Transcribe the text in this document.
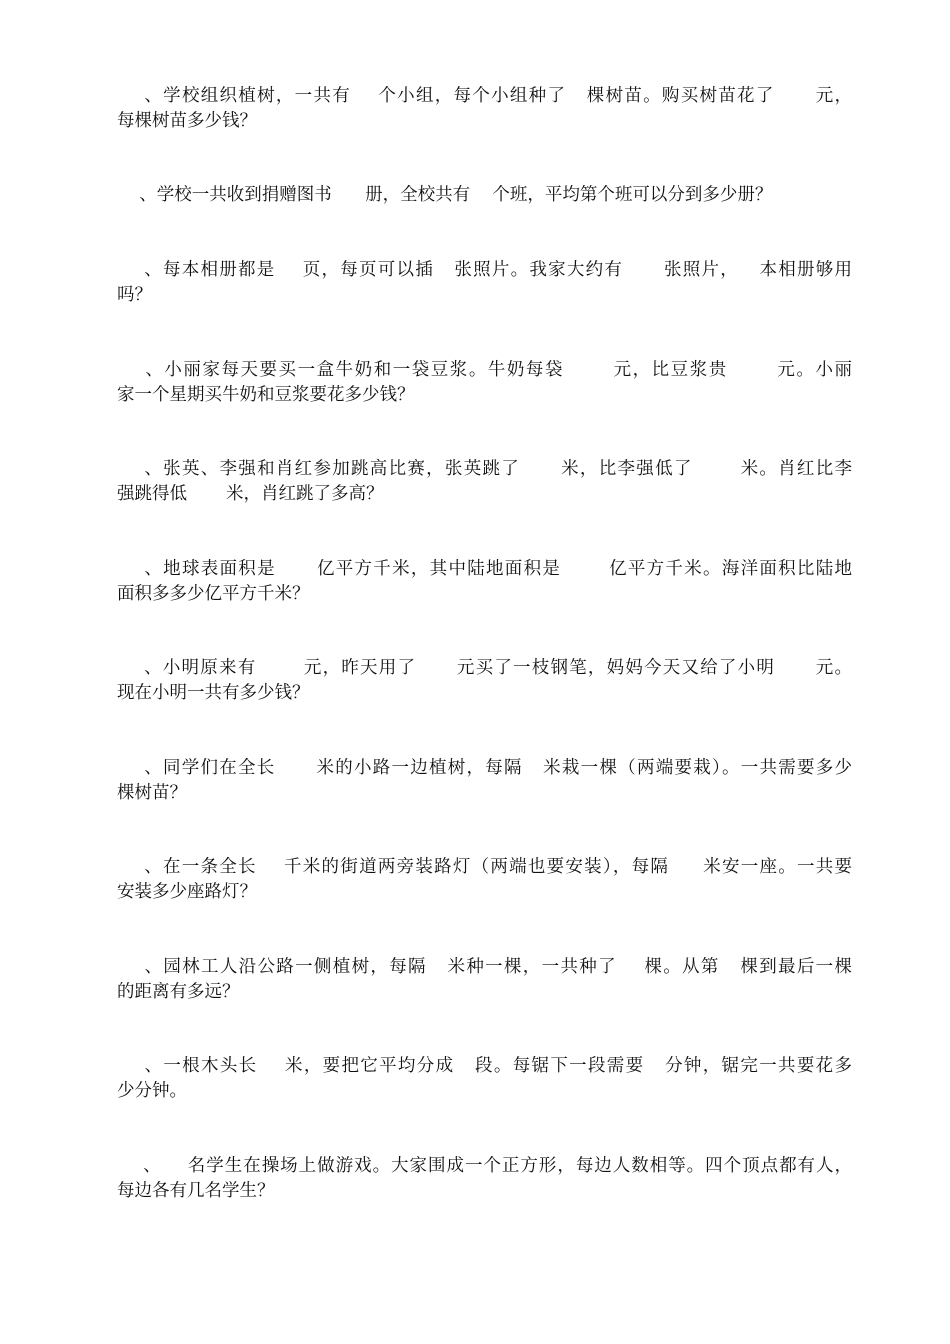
、学校组织植树，一共有    个小组，每个小组种了   棵树苗。购买树苗花了      元，
每棵树苗多少钱？
、学校一共收到捐赠图书      册，全校共有    个班，平均第个班可以分到多少册？
、每本相册都是    页，每页可以插   张照片。我家大约有      张照片，   本相册够用
吗？
、小丽家每天要买一盒牛奶和一袋豆浆。牛奶每袋       元，比豆浆贵       元。小丽
家一个星期买牛奶和豆浆要花多少钱？
、张英、李强和肖红参加跳高比赛，张英跳了      米，比李强低了       米。肖红比李
强跳得低       米，肖红跳了多高？
、地球表面积是      亿平方千米，其中陆地面积是       亿平方千米。海洋面积比陆地
面积多多少亿平方千米？
、小明原来有       元，昨天用了      元买了一枝钢笔，妈妈今天又给了小明      元。
现在小明一共有多少钱？
、同学们在全长      米的小路一边植树，每隔   米栽一棵（两端要栽）。一共需要多少
棵树苗？
、在一条全长    千米的街道两旁装路灯（两端也要安装），每隔     米安一座。一共要
安装多少座路灯？
、园林工人沿公路一侧植树，每隔   米种一棵，一共种了    棵。从第   棵到最后一棵
的距离有多远？
、一根木头长    米，要把它平均分成   段。每锯下一段需要   分钟，锯完一共要花多
少分钟。
、    名学生在操场上做游戏。大家围成一个正方形，每边人数相等。四个顶点都有人，
每边各有几名学生？
